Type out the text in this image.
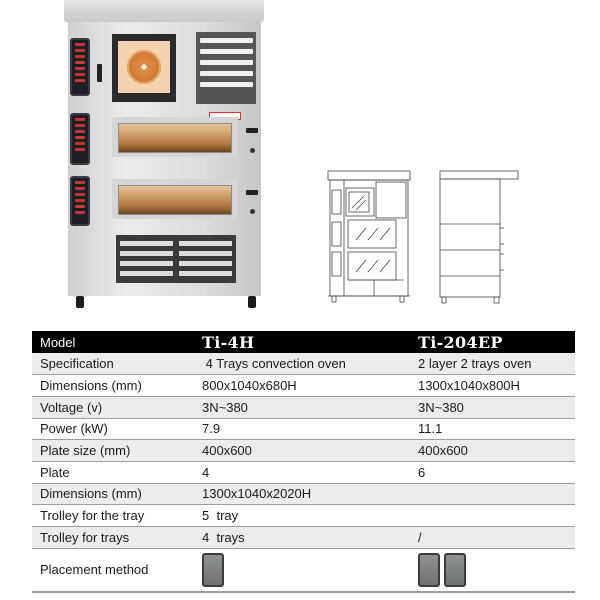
Model	Ti-4H	Ti-204EP
Specification	4 Trays convection oven	2 layer 2 trays oven
Dimensions (mm)	800x1040x680H	1300x1040x800H
Voltage (v)	3N~380	3N~380
Power (kW)	7.9	11.1
Plate size (mm)	400x600	400x600
Plate	4	6
Dimensions (mm)	1300x1040x2020H	
Trolley for the tray	5  tray	
Trolley for trays	4  trays	/
Placement method		
